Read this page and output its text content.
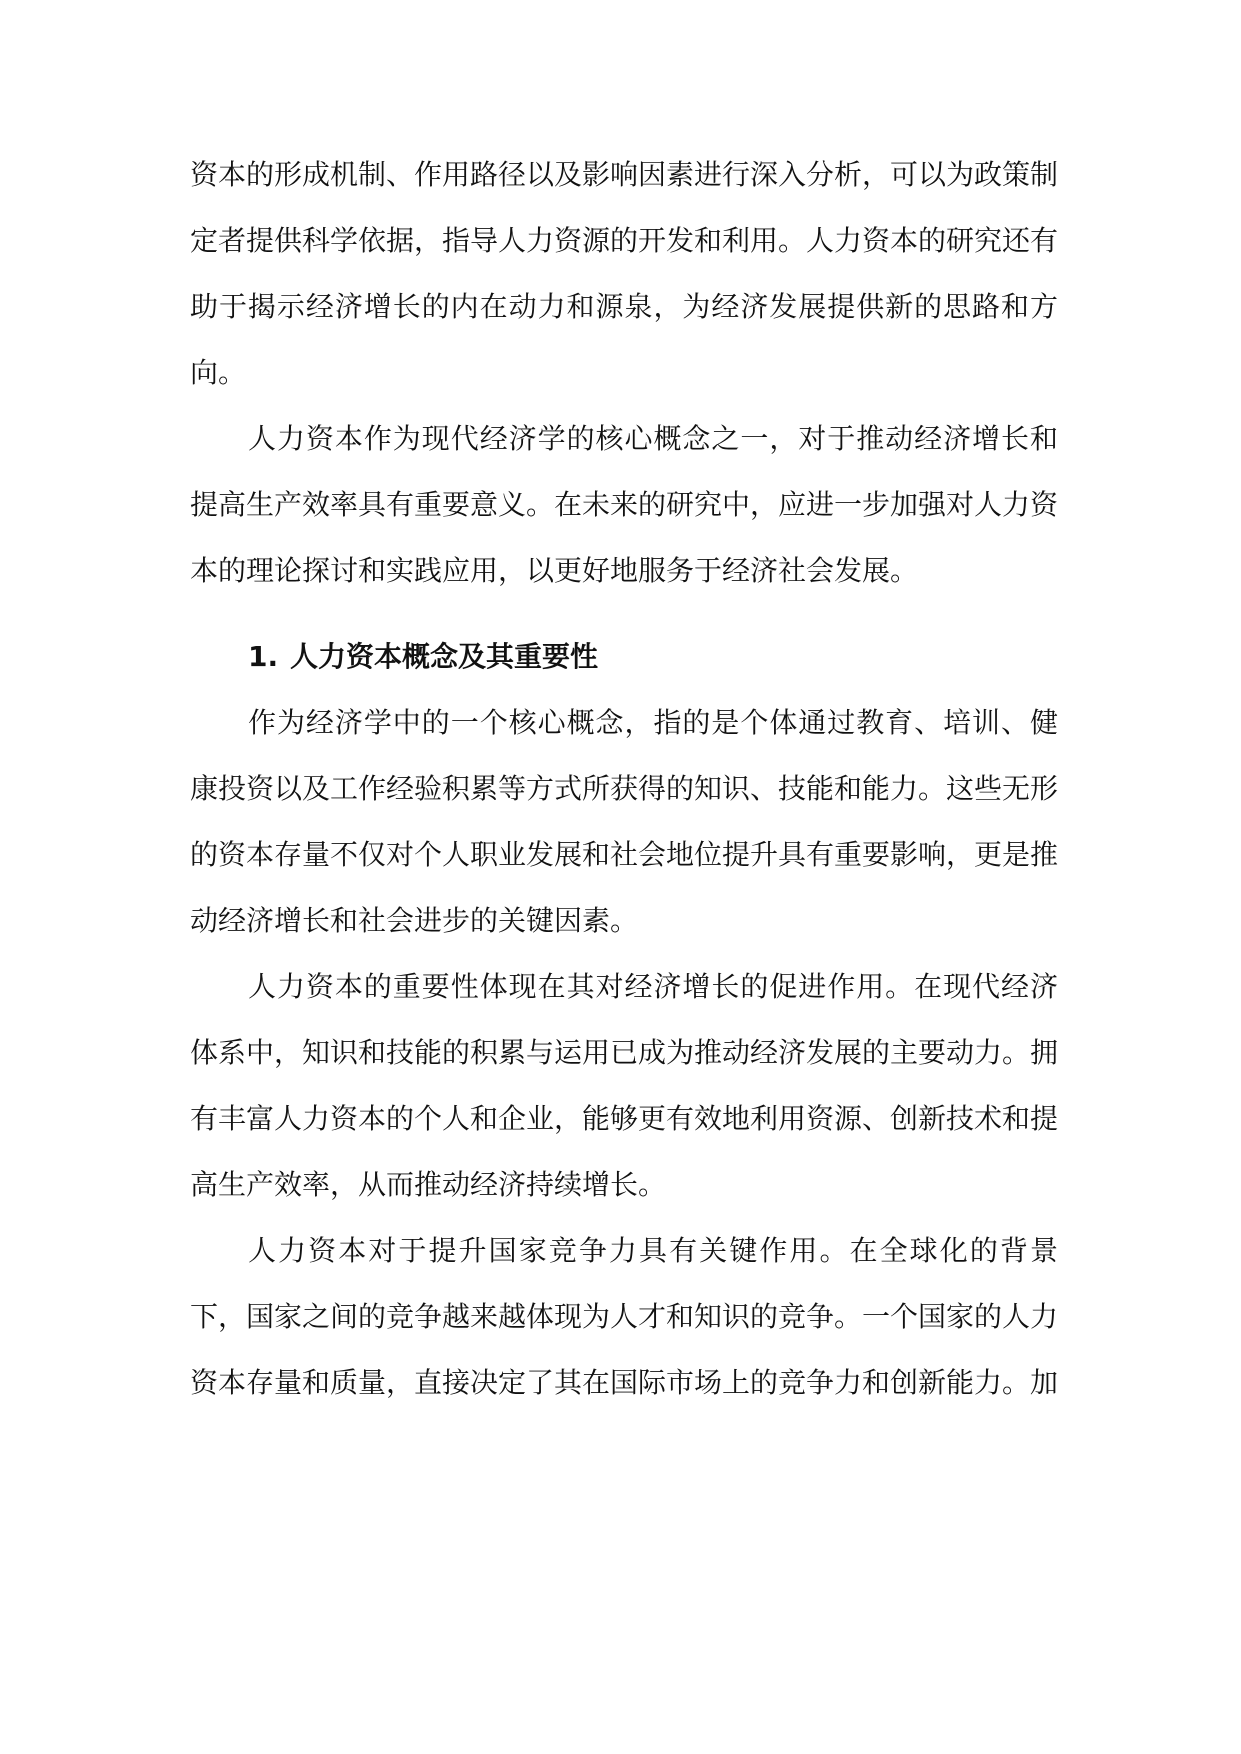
资本的形成机制、作用路径以及影响因素进行深入分析，可以为政策制定者提供科学依据，指导人力资源的开发和利用。人力资本的研究还有助于揭示经济增长的内在动力和源泉，为经济发展提供新的思路和方向。

人力资本作为现代经济学的核心概念之一，对于推动经济增长和提高生产效率具有重要意义。在未来的研究中，应进一步加强对人力资本的理论探讨和实践应用，以更好地服务于经济社会发展。

1. 人力资本概念及其重要性

作为经济学中的一个核心概念，指的是个体通过教育、培训、健康投资以及工作经验积累等方式所获得的知识、技能和能力。这些无形的资本存量不仅对个人职业发展和社会地位提升具有重要影响，更是推动经济增长和社会进步的关键因素。

人力资本的重要性体现在其对经济增长的促进作用。在现代经济体系中，知识和技能的积累与运用已成为推动经济发展的主要动力。拥有丰富人力资本的个人和企业，能够更有效地利用资源、创新技术和提高生产效率，从而推动经济持续增长。

人力资本对于提升国家竞争力具有关键作用。在全球化的背景下，国家之间的竞争越来越体现为人才和知识的竞争。一个国家的人力资本存量和质量，直接决定了其在国际市场上的竞争力和创新能力。加
